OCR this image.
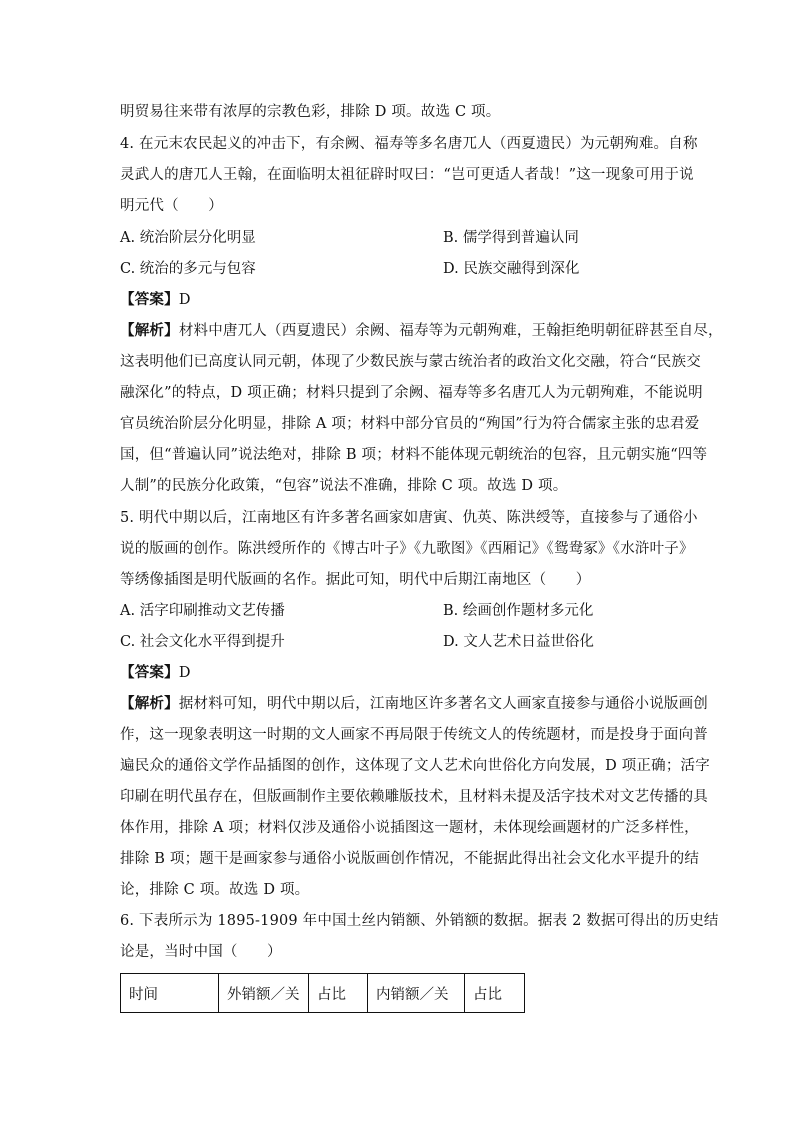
明贸易往来带有浓厚的宗教色彩，排除 D 项。故选 C 项。
4. 在元末农民起义的冲击下，有余阙、福寿等多名唐兀人（西夏遗民）为元朝殉难。自称
灵武人的唐兀人王翰，在面临明太祖征辟时叹曰：“岂可更适人者哉！”这一现象可用于说
明元代（　　）
A. 统治阶层分化明显	B. 儒学得到普遍认同
C. 统治的多元与包容	D. 民族交融得到深化
【答案】D
【解析】材料中唐兀人（西夏遗民）余阙、福寿等为元朝殉难，王翰拒绝明朝征辟甚至自尽，
这表明他们已高度认同元朝，体现了少数民族与蒙古统治者的政治文化交融，符合“民族交
融深化”的特点，D 项正确；材料只提到了余阙、福寿等多名唐兀人为元朝殉难，不能说明
官员统治阶层分化明显，排除 A 项；材料中部分官员的“殉国”行为符合儒家主张的忠君爱
国，但“普遍认同”说法绝对，排除 B 项；材料不能体现元朝统治的包容，且元朝实施“四等
人制”的民族分化政策，“包容”说法不准确，排除 C 项。故选 D 项。
5. 明代中期以后，江南地区有许多著名画家如唐寅、仇英、陈洪绶等，直接参与了通俗小
说的版画的创作。陈洪绶所作的《博古叶子》《九歌图》《西厢记》《鸳鸯冢》《水浒叶子》
等绣像插图是明代版画的名作。据此可知，明代中后期江南地区（　　）
A. 活字印刷推动文艺传播	B. 绘画创作题材多元化
C. 社会文化水平得到提升	D. 文人艺术日益世俗化
【答案】D
【解析】据材料可知，明代中期以后，江南地区许多著名文人画家直接参与通俗小说版画创
作，这一现象表明这一时期的文人画家不再局限于传统文人的传统题材，而是投身于面向普
遍民众的通俗文学作品插图的创作，这体现了文人艺术向世俗化方向发展，D 项正确；活字
印刷在明代虽存在，但版画制作主要依赖雕版技术，且材料未提及活字技术对文艺传播的具
体作用，排除 A 项；材料仅涉及通俗小说插图这一题材，未体现绘画题材的广泛多样性，
排除 B 项；题干是画家参与通俗小说版画创作情况，不能据此得出社会文化水平提升的结
论，排除 C 项。故选 D 项。
6. 下表所示为 1895-1909 年中国土丝内销额、外销额的数据。据表 2 数据可得出的历史结
论是，当时中国（　　）
时间	外销额／关	占比	内销额／关	占比
